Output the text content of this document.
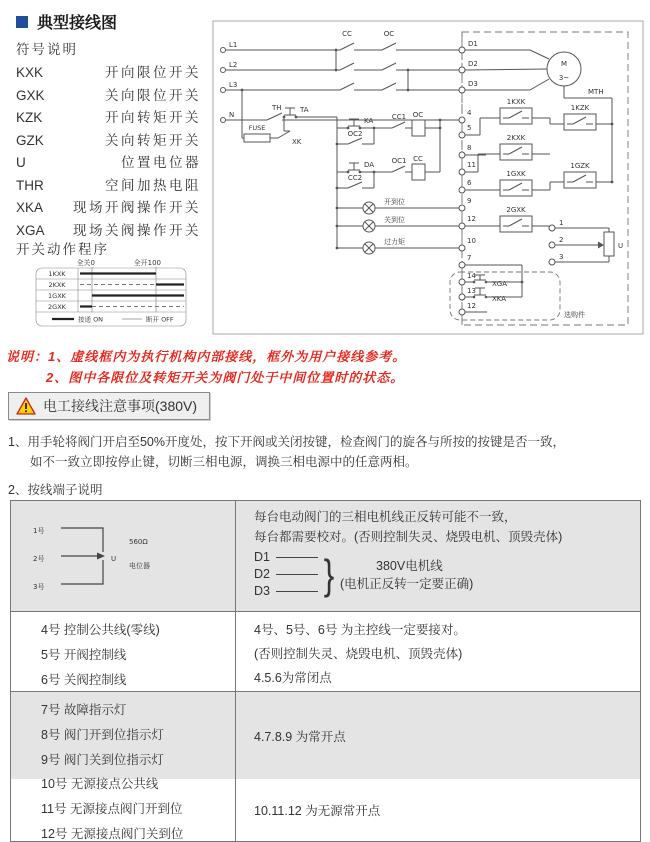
典型接线图
符号说明
KXK	开向限位开关
GXK	关向限位开关
KZK	开向转矩开关
GZK	关向转矩开关
U	位置电位器
THR	空间加热电阻
XKA	现场开阀操作开关
XGA	现场关阀操作开关
开关动作程序
全关0	全开100
1KXK
2KXK
1GXK
2GXK
接通 ON	断开 OFF
L1
L2
L3
N
CC	OC
TH
FUSE
XK
TA
KA	CC1 OC
OC2
DA	OC1 CC
CC2
开到位
关到位
过力矩
D1
D2
D3
4
5
8
11
6
9
12
10
7
14
13
12
M
3~
MTH
1KXK
1KZK
2KXK
1GXK
1GZK
2GXK
1
2
3
U
XGA
XKA
选购件
说明：1、虚线框内为执行机构内部接线，框外为用户接线参考。
2、图中各限位及转矩开关为阀门处于中间位置时的状态。
电工接线注意事项(380V)
1、用手轮将阀门开启至50%开度处，按下开阀或关闭按键，检查阀门的旋各与所按的按键是否一致，
如不一致立即按停止键，切断三相电源，调换三相电源中的任意两相。
2、按线端子说明
1号
2号
3号
U
560Ω
电位器
每台电动阀门的三相电机线正反转可能不一致，
每台都需要校对。(否则控制失灵、烧毁电机、顶毁壳体)
D1
D2
D3 }	380V电机线
(电机正反转一定要正确)
4号 控制公共线(零线)
5号 开阀控制线
6号 关阀控制线
4号、5号、6号 为主控线一定要接对。
(否则控制失灵、烧毁电机、顶毁壳体)
4.5.6为常闭点
7号 故障指示灯
8号 阀门开到位指示灯
9号 阀门关到位指示灯
4.7.8.9 为常开点
10号 无源接点公共线
11号 无源接点阀门开到位
12号 无源接点阀门关到位
10.11.12 为无源常开点
